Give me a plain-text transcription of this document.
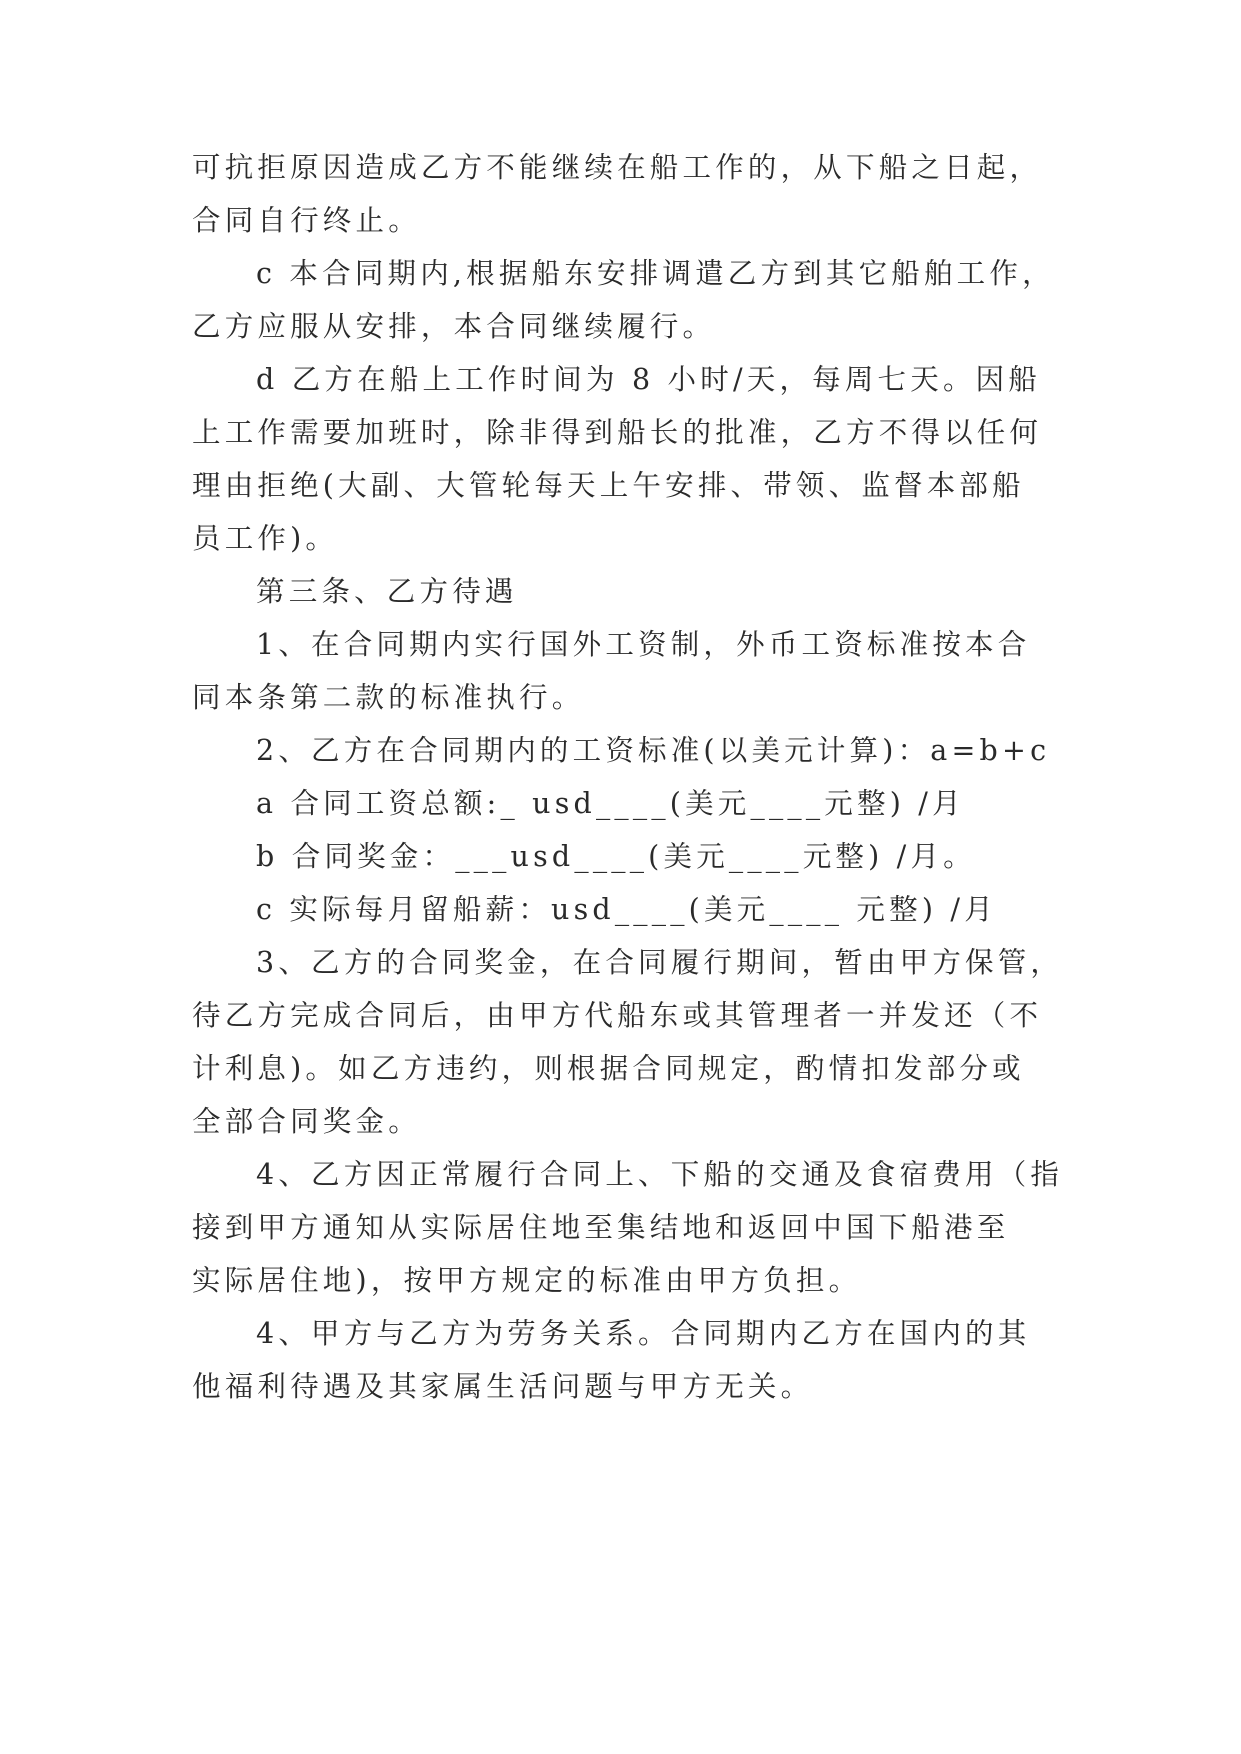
可抗拒原因造成乙方不能继续在船工作的，从下船之日起，
合同自行终止。
c 本合同期内,根据船东安排调遣乙方到其它船舶工作，
乙方应服从安排，本合同继续履行。
d 乙方在船上工作时间为 8 小时/天，每周七天。因船
上工作需要加班时，除非得到船长的批准，乙方不得以任何
理由拒绝(大副、大管轮每天上午安排、带领、监督本部船
员工作)。
第三条、乙方待遇
1、在合同期内实行国外工资制，外币工资标准按本合
同本条第二款的标准执行。
2、乙方在合同期内的工资标准(以美元计算)：a=b+c
a 合同工资总额:_ usd____(美元____元整) /月
b 合同奖金：___usd____(美元____元整) /月。
c 实际每月留船薪：usd____(美元____ 元整) /月
3、乙方的合同奖金，在合同履行期间，暂由甲方保管，
待乙方完成合同后，由甲方代船东或其管理者一并发还（不
计利息)。如乙方违约，则根据合同规定，酌情扣发部分或
全部合同奖金。
4、乙方因正常履行合同上、下船的交通及食宿费用（指
接到甲方通知从实际居住地至集结地和返回中国下船港至
实际居住地)，按甲方规定的标准由甲方负担。
4、甲方与乙方为劳务关系。合同期内乙方在国内的其
他福利待遇及其家属生活问题与甲方无关。
